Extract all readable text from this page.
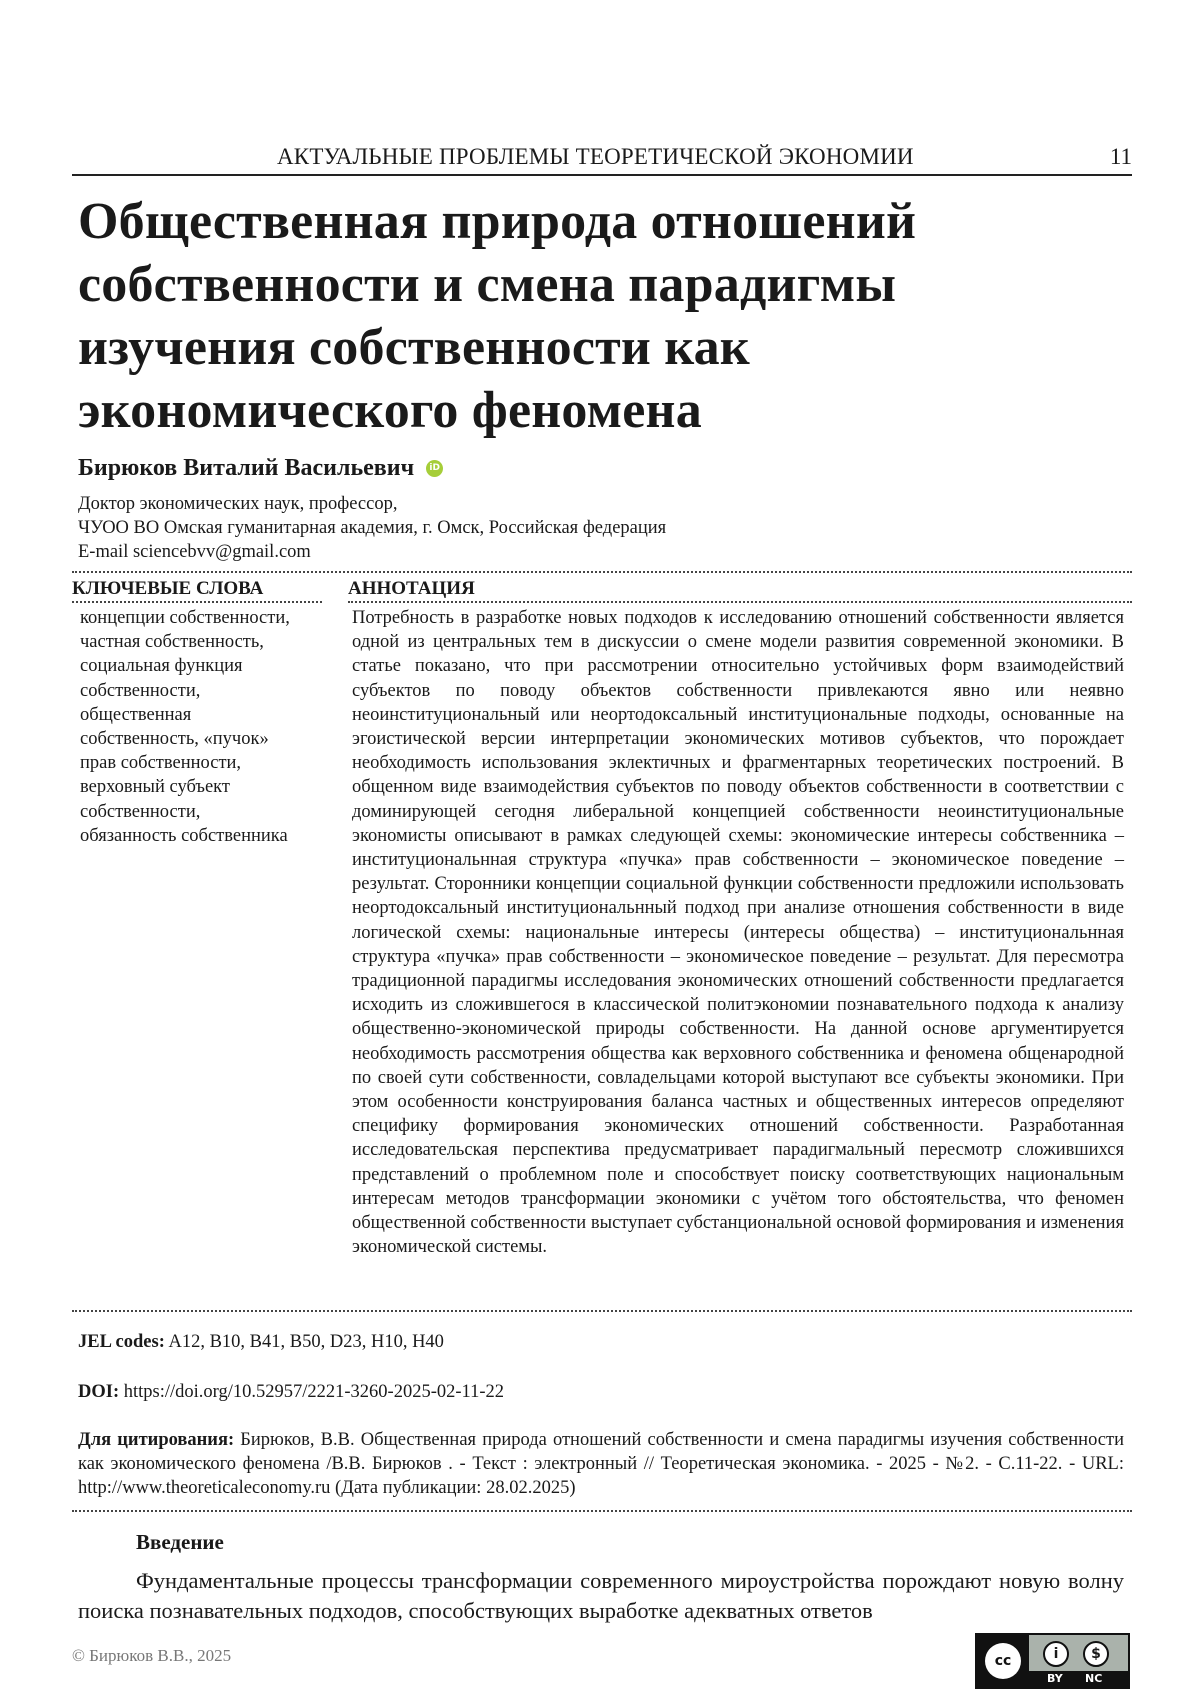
АКТУАЛЬНЫЕ ПРОБЛЕМЫ ТЕОРЕТИЧЕСКОЙ ЭКОНОМИИ	11
Общественная природа отношений собственности и смена парадигмы изучения собственности как экономического феномена
Бирюков Виталий Васильевич	iD
Доктор экономических наук, профессор,
ЧУОО ВО Омская гуманитарная академия, г. Омск, Российская федерация
E-mail sciencebvv@gmail.com
КЛЮЧЕВЫЕ СЛОВА	АННОТАЦИЯ
концепции собственности,
частная собственность,
социальная функция
собственности,
общественная
собственность, «пучок»
прав собственности,
верховный субъект
собственности,
обязанность собственника

Потребность в разработке новых подходов к исследованию отношений собственности является одной из центральных тем в дискуссии о смене модели развития современной экономики. В статье показано, что при рассмотрении относительно устойчивых форм взаимодействий субъектов по поводу объектов собственности привлекаются явно или неявно неоинституциональный или неортодоксальный институциональные подходы, основанные на эгоистической версии интерпретации экономических мотивов субъектов, что порождает необходимость использования эклектичных и фрагментарных теоретических построений. В общенном виде взаимодействия субъектов по поводу объектов собственности в соответствии с доминирующей сегодня либеральной концепцией собственности неоинституциональные экономисты описывают в рамках следующей схемы: экономические интересы собственника – институциональнная структура «пучка» прав собственности – экономическое поведение – результат. Сторонники концепции социальной функции собственности предложили использовать неортодоксальный институциональнный подход при анализе отношения собственности в виде логической схемы: национальные интересы (интересы общества) – институциональнная структура «пучка» прав собственности – экономическое поведение – результат. Для пересмотра традиционной парадигмы исследования экономических отношений собственности предлагается исходить из сложившегося в классической политэкономии познавательного подхода к анализу общественно-экономической природы собственности. На данной основе аргументируется необходимость рассмотрения общества как верховного собственника и феномена общенародной по своей сути собственности, совладельцами которой выступают все субъекты экономики. При этом особенности конструирования баланса частных и общественных интересов определяют специфику формирования экономических отношений собственности. Разработанная исследовательская перспектива предусматривает парадигмальный пересмотр сложившихся представлений о проблемном поле и способствует поиску соответствующих национальным интересам методов трансформации экономики с учётом того обстоятельства, что феномен общественной собственности выступает субстанциональной основой формирования и изменения экономической системы.

JEL codes: A12, B10, B41, B50, D23, H10, H40
DOI: https://doi.org/10.52957/2221-3260-2025-02-11-22

Для цитирования: Бирюков, В.В. Общественная природа отношений собственности и смена парадигмы изучения собственности как экономического феномена /В.В. Бирюков . - Текст : электронный // Теоретическая экономика. - 2025 - №2. - С.11-22. - URL: http://www.theoreticaleconomy.ru (Дата публикации: 28.02.2025)

Введение

Фундаментальные процессы трансформации современного мироустройства порождают новую волну поиска познавательных подходов, способствующих выработке адекватных ответов

© Бирюков В.В., 2025	cc	i	$
BY NC
